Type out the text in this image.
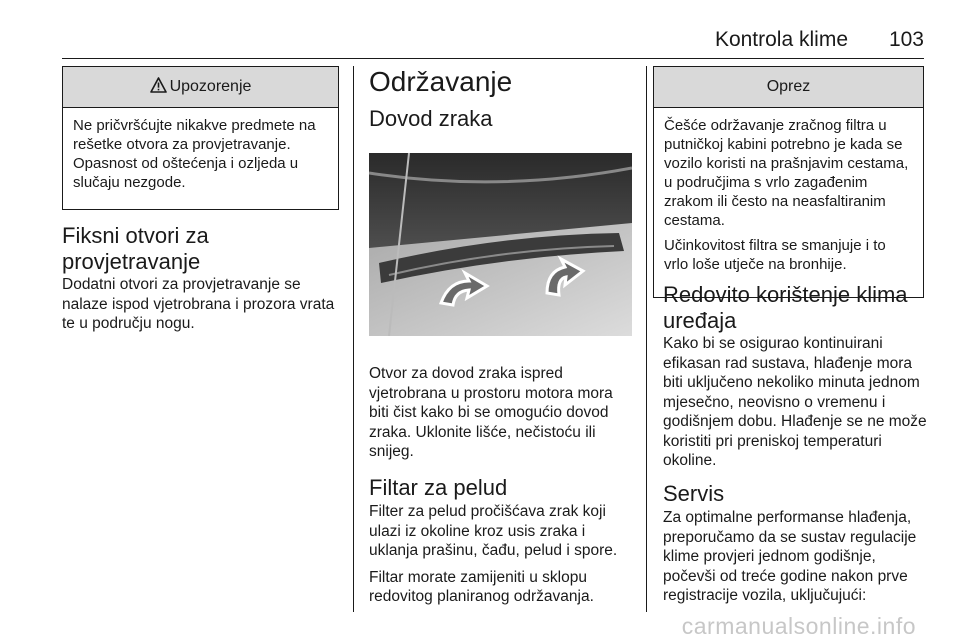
Kontrola klime 103
Upozorenje
Ne pričvršćujte nikakve predmete na rešetke otvora za provjetravanje. Opasnost od oštećenja i ozljeda u slučaju nezgode.
Fiksni otvori za provjetravanje
Dodatni otvori za provjetravanje se nalaze ispod vjetrobrana i prozora vrata te u području nogu.
Održavanje
Dovod zraka
Otvor za dovod zraka ispred vjetrobrana u prostoru motora mora biti čist kako bi se omogućio dovod zraka. Uklonite lišće, nečistoću ili snijeg.
Filtar za pelud

Filter za pelud pročišćava zrak koji ulazi iz okoline kroz usis zraka i uklanja prašinu, čađu, pelud i spore.

Filtar morate zamijeniti u sklopu redovitog planiranog održavanja.

Oprez

Češće održavanje zračnog filtra u putničkoj kabini potrebno je kada se vozilo koristi na prašnjavim cestama, u područjima s vrlo zagađenim zrakom ili često na neasfaltiranim cestama.

Učinkovitost filtra se smanjuje i to vrlo loše utječe na bronhije.

Redovito korištenje klima uređaja
Kako bi se osigurao kontinuirani efikasan rad sustava, hlađenje mora biti uključeno nekoliko minuta jednom mjesečno, neovisno o vremenu i godišnjem dobu. Hlađenje se ne može koristiti pri preniskoj temperaturi okoline.
Servis
Za optimalne performanse hlađenja, preporučamo da se sustav regulacije klime provjeri jednom godišnje, počevši od treće godine nakon prve registracije vozila, uključujući:
carmanualsonline.info
